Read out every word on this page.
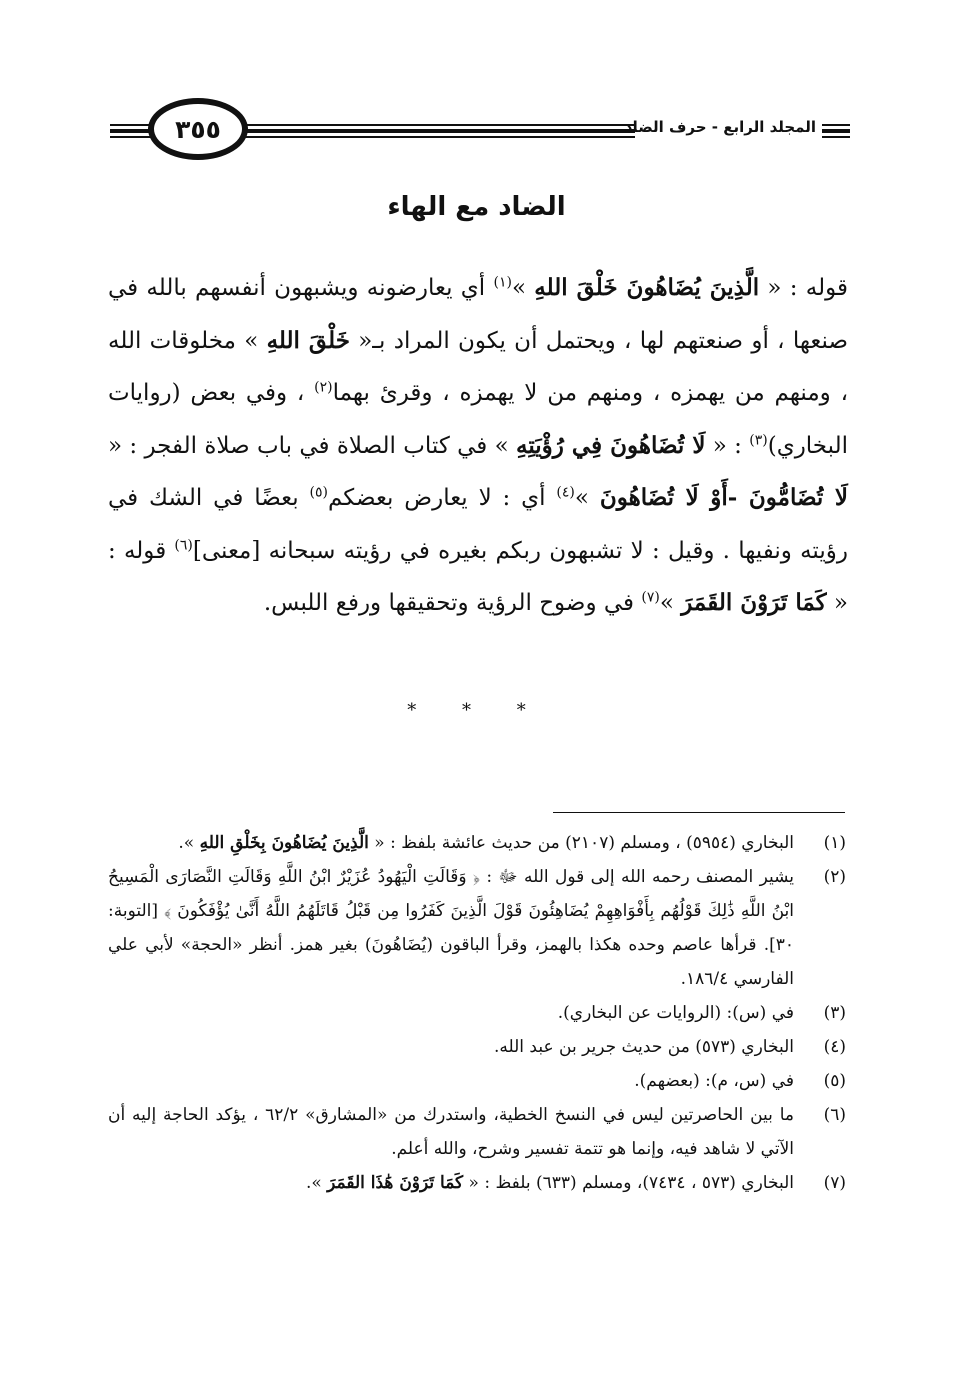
٣٥٥	المجلد الرابع - حرف الضاد
الضاد مع الهاء

قوله : « الَّذِينَ يُضَاهُونَ خَلْقَ اللهِ »$^{(١)}$ أي يعارضونه ويشبهون أنفسهم بالله في صنعها ، أو صنعتهم لها ، ويحتمل أن يكون المراد بـ« خَلْقَ اللهِ » مخلوقات الله ، ومنهم من يهمزه ، ومنهم من لا يهمزه ، وقرئ بهما$^{(٢)}$ ، وفي بعض (روايات البخاري)$^{(٣)}$ : « لَا تُضَاهُونَ فِي رُؤْيَتِهِ » في كتاب الصلاة في باب صلاة الفجر : « لَا تُضَامُّونَ -أَوْ لَا تُضَاهُونَ »$^{(٤)}$ أي : لا يعارض بعضكم$^{(٥)}$ بعضًا في الشك في رؤيته ونفيها . وقيل : لا تشبهون ربكم بغيره في رؤيته سبحانه [معنى]$^{(٦)}$ قوله : « كَمَا تَرَوْنَ القَمَرَ »$^{(٧)}$ في وضوح الرؤية وتحقيقها ورفع اللبس.

* * *
(١)
البخاري (٥٩٥٤) ، ومسلم (٢١٠٧) من حديث عائشة بلفظ : « الَّذِينَ يُضَاهُونَ بِخَلْقِ اللهِ ».
(٢)
يشير المصنف رحمه الله إلى قول الله ﷻ : ﴿ وَقَالَتِ الْيَهُودُ عُزَيْرٌ ابْنُ اللَّهِ وَقَالَتِ النَّصَارَى الْمَسِيحُ ابْنُ اللَّهِ ذَٰلِكَ قَوْلُهُم بِأَفْوَاهِهِمْ يُضَاهِئُونَ قَوْلَ الَّذِينَ كَفَرُوا مِن قَبْلُ قَاتَلَهُمُ اللَّهُ أَنَّىٰ يُؤْفَكُونَ ﴾ [التوبة: ٣٠]. قرأها عاصم وحده هكذا بالهمز، وقرأ الباقون (يُضَاهُونَ) بغير همز. أنظر «الحجة» لأبي علي الفارسي ١٨٦/٤.
(٣)
في (س): (الروايات عن البخاري).
(٤)
البخاري (٥٧٣) من حديث جرير بن عبد الله.
(٥)
في (س، م): (بعضهم).
(٦)
ما بين الحاصرتين ليس في النسخ الخطية، واستدرك من «المشارق» ٦٢/٢ ، يؤكد الحاجة إليه أن الآتي لا شاهد فيه، وإنما هو تتمة تفسير وشرح، والله أعلم.
(٧)
البخاري (٥٧٣ ، ٧٤٣٤)، ومسلم (٦٣٣) بلفظ : « كَمَا تَرَوْنَ هَٰذَا القَمَرَ ».
